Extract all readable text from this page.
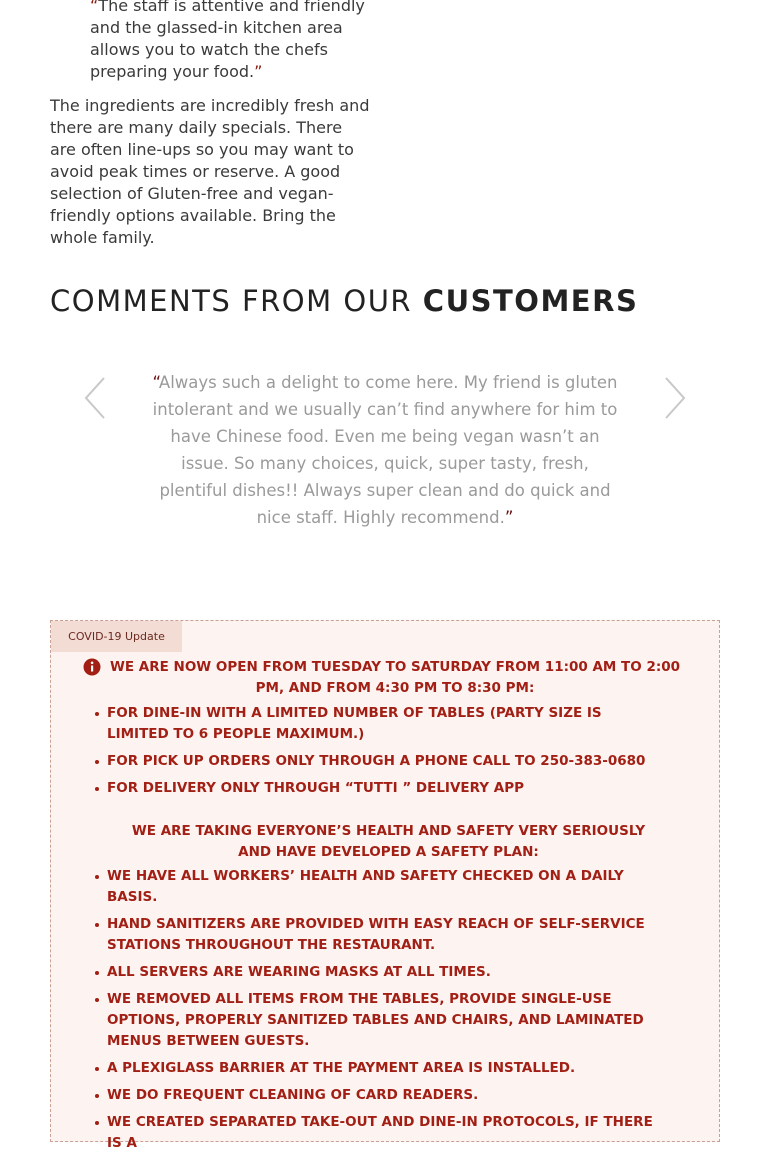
“The staff is attentive and friendly and the glassed-in kitchen area allows you to watch the chefs preparing your food.”

The ingredients are incredibly fresh and there are many daily specials. There are often line-ups so you may want to avoid peak times or reserve. A good selection of Gluten-free and vegan-friendly options available. Bring the whole family.

COMMENTS FROM OUR CUSTOMERS
“Always such a delight to come here. My friend is gluten intolerant and we usually can’t find anywhere for him to have Chinese food. Even me being vegan wasn’t an issue. So many choices, quick, super tasty, fresh, plentiful dishes!! Always super clean and do quick and nice staff. Highly recommend.”
COVID-19 Update
WE ARE NOW OPEN FROM TUESDAY TO SATURDAY FROM 11:00 AM TO 2:00 PM, AND FROM 4:30 PM TO 8:30 PM:
FOR DINE-IN WITH A LIMITED NUMBER OF TABLES (PARTY SIZE IS LIMITED TO 6 PEOPLE MAXIMUM.)
FOR PICK UP ORDERS ONLY THROUGH A PHONE CALL TO 250-383-0680
FOR DELIVERY ONLY THROUGH “TUTTI ” DELIVERY APP
WE ARE TAKING EVERYONE’S HEALTH AND SAFETY VERY SERIOUSLY AND HAVE DEVELOPED A SAFETY PLAN:
WE HAVE ALL WORKERS’ HEALTH AND SAFETY CHECKED ON A DAILY BASIS.
HAND SANITIZERS ARE PROVIDED WITH EASY REACH OF SELF-SERVICE STATIONS THROUGHOUT THE RESTAURANT.
ALL SERVERS ARE WEARING MASKS AT ALL TIMES.
WE REMOVED ALL ITEMS FROM THE TABLES, PROVIDE SINGLE-USE OPTIONS, PROPERLY SANITIZED TABLES AND CHAIRS, AND LAMINATED MENUS BETWEEN GUESTS.
A PLEXIGLASS BARRIER AT THE PAYMENT AREA IS INSTALLED.
WE DO FREQUENT CLEANING OF CARD READERS.
WE CREATED SEPARATED TAKE-OUT AND DINE-IN PROTOCOLS, IF THERE IS A
